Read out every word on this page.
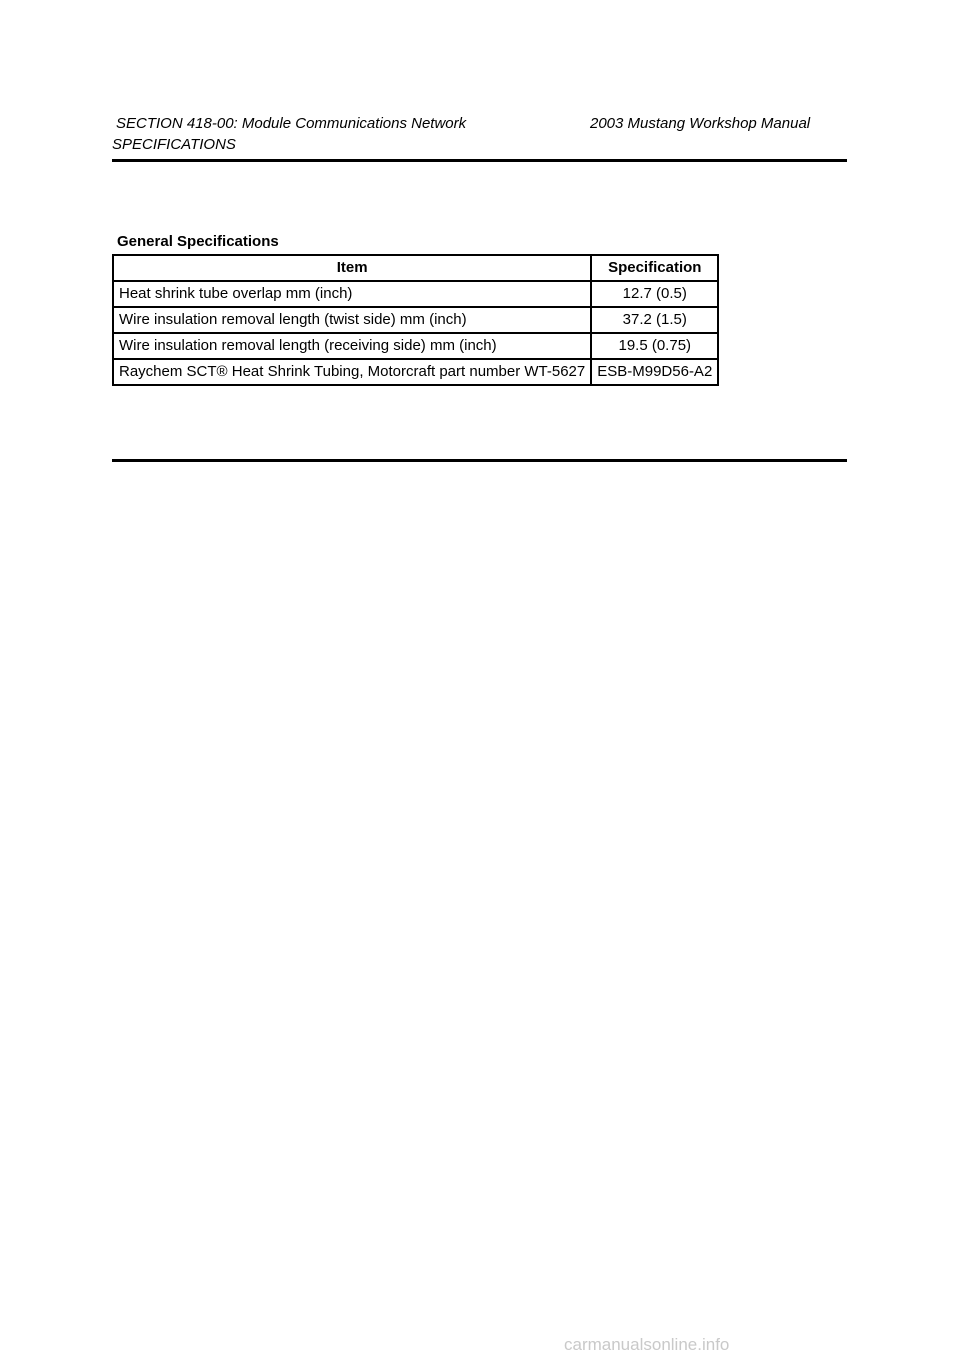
SECTION 418-00: Module Communications Network	2003 Mustang Workshop Manual
SPECIFICATIONS
General Specifications
Item	Specification
Heat shrink tube overlap mm (inch)	12.7 (0.5)
Wire insulation removal length (twist side) mm (inch)	37.2 (1.5)
Wire insulation removal length (receiving side) mm (inch)	19.5 (0.75)
Raychem SCT® Heat Shrink Tubing, Motorcraft part number WT-5627	ESB-M99D56-A2
carmanualsonline.info
